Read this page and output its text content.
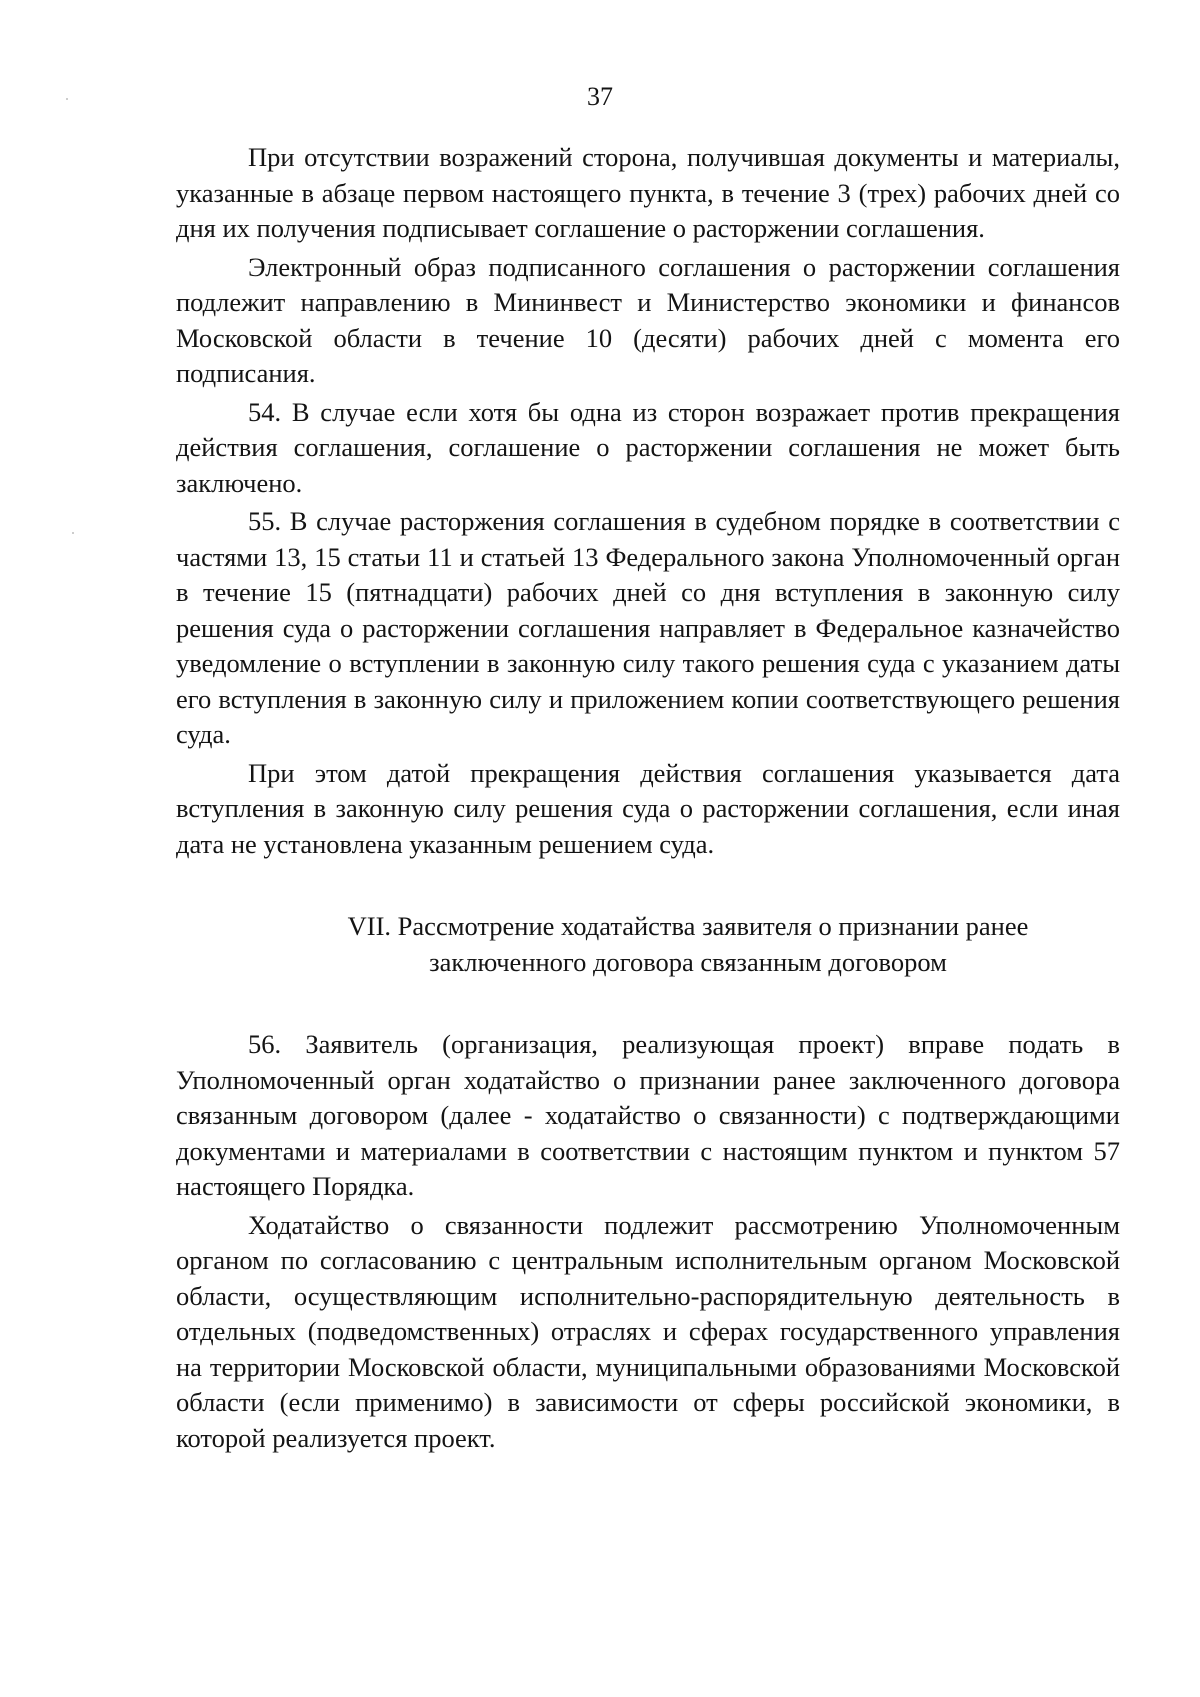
37

При отсутствии возражений сторона, получившая документы и материалы, указанные в абзаце первом настоящего пункта, в течение 3 (трех) рабочих дней со дня их получения подписывает соглашение о расторжении соглашения.

Электронный образ подписанного соглашения о расторжении соглашения подлежит направлению в Мининвест и Министерство экономики и финансов Московской области в течение 10 (десяти) рабочих дней с момента его подписания.

54. В случае если хотя бы одна из сторон возражает против прекращения действия соглашения, соглашение о расторжении соглашения не может быть заключено.

55. В случае расторжения соглашения в судебном порядке в соответствии с частями 13, 15 статьи 11 и статьей 13 Федерального закона Уполномоченный орган в течение 15 (пятнадцати) рабочих дней со дня вступления в законную силу решения суда о расторжении соглашения направляет в Федеральное казначейство уведомление о вступлении в законную силу такого решения суда с указанием даты его вступления в законную силу и приложением копии соответствующего решения суда.

При этом датой прекращения действия соглашения указывается дата вступления в законную силу решения суда о расторжении соглашения, если иная дата не установлена указанным решением суда.

VII. Рассмотрение ходатайства заявителя о признании ранее
заключенного договора связанным договором

56. Заявитель (организация, реализующая проект) вправе подать в Уполномоченный орган ходатайство о признании ранее заключенного договора связанным договором (далее - ходатайство о связанности) с подтверждающими документами и материалами в соответствии с настоящим пунктом и пунктом 57 настоящего Порядка.

Ходатайство о связанности подлежит рассмотрению Уполномоченным органом по согласованию с центральным исполнительным органом Московской области, осуществляющим исполнительно-распорядительную деятельность в отдельных (подведомственных) отраслях и сферах государственного управления на территории Московской области, муниципальными образованиями Московской области (если применимо) в зависимости от сферы российской экономики, в которой реализуется проект.
